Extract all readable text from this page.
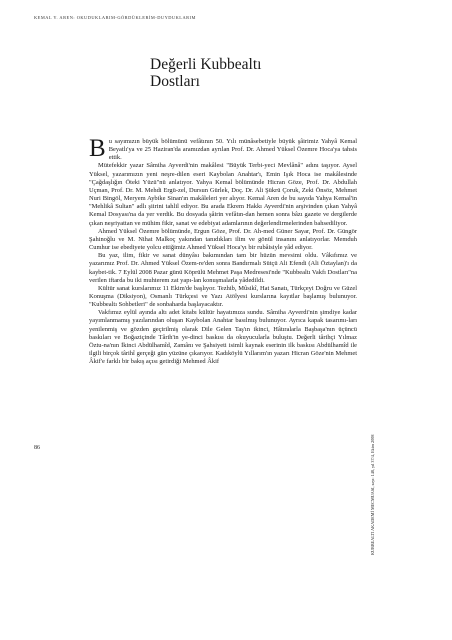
KEMAL Y. AREN: OKUDUKLARIM-GÖRDÜKLERİM-DUYDUKLARIM
Değerli Kubbealtı
Dostları

Bu sayımızın büyük bölümünü vefâtının 50. Yılı münâsebetiyle büyük şâirimiz Yahyâ Kemal Beyatlı'ya ve 25 Haziran'da aramızdan ayrılan Prof. Dr. Ahmed Yüksel Özemre Hoca'ya tahsis ettik.

Mütefekkir yazar Sâmiha Ayverdi'nin makâlesi "Büyük Terbi-yeci Mevlânâ" adını taşıyor. Aysel Yüksel, yazarımızın yeni neşre-dilen eseri Kaybolan Anahtar'ı, Emin Işık Hoca ise makâlesinde "Çağdaşlığın Öteki Yüzü"nü anlatıyor. Yahya Kemal bölümünde Hicran Göze, Prof. Dr. Abdullah Uçman, Prof. Dr. M. Mehdi Ergü-zel, Dursun Gürlek, Doç. Dr. Ali Şükrü Çoruk, Zeki Önsöz, Mehmet Nuri Bingöl, Meryem Aybike Sinan'ın makâleleri yer alıyor. Kemal Aren de bu sayıda Yahya Kemal'in "Mehlikâ Sultan" adlı şiirini tahlil ediyor. Bu arada Ekrem Hakkı Ayverdi'nin arşivinden çıkan Yahyâ Kemal Dosyası'na da yer verdik. Bu dosyada şâirin vefâtın-dan hemen sonra bâzı gazete ve dergilerde çıkan neşriyattan ve mühim fikir, sanat ve edebiyat adamlarının değerlendirmelerinden bahsediliyor.

Ahmed Yüksel Özemre bölümünde, Ergun Göze, Prof. Dr. Ah-med Güner Sayar, Prof. Dr. Güngör Şahinoğlu ve M. Nihat Malkoç yakından tanıdıkları ilim ve gönül insanını anlatıyorlar. Memduh Cumhur ise ebediyete yolcu ettiğimiz Ahmed Yüksel Hoca'yı bir rubâisiyle yâd ediyor.

Bu yaz, ilim, fikir ve sanat dünyâsı bakımından tam bir hüzün mevsimi oldu. Vâkıfımız ve yazarımız Prof. Dr. Ahmed Yüksel Özem-re'den sonra Bandırmalı Sütçü Ali Efendi (Ali Öztaylan)'ı da kaybet-tik. 7 Eylül 2008 Pazar günü Köprülü Mehmet Paşa Medresesi'nde "Kubbealtı Vakfı Dostları"na verilen iftarda bu iki muhterem zat yapı-lan konuşmalarla yâdedildi.

Kültür sanat kurslarımız 11 Ekim'de başlıyor. Tezhib, Mûsikî, Hat Sanatı, Türkçeyi Doğru ve Güzel Konuşma (Diksiyon), Osmanlı Türkçesi ve Yazı Atölyesi kurslarına kayıtlar başlamış bulunuyor. "Kubbealtı Sohbetleri" de sonbaharda başlayacaktır.

Vakfımız eylül ayında altı adet kitabı kültür hayatımıza sundu. Sâmiha Ayverdi'nin şimdiye kadar yayımlanmamış yazılarından oluşan Kaybolan Anahtar basılmış bulunuyor. Ayrıca kapak tasarımı-ları yenilenmiş ve gözden geçirilmiş olarak Dile Gelen Taş'ın ikinci, Hâtıralarla Başbaşa'nın üçüncü baskıları ve Boğaziçinde Târih'in ye-dinci baskısı da okuyucularla buluştu. Değerli târihçi Yılmaz Öztu-na'nın İkinci Abdülhamîd, Zamânı ve Şahsiyeti isimli kaynak eserinin ilk baskısı Abdülhamîd ile ilgili birçok târihî gerçeği gün yüzüne çıkarıyor. Kadıköylü Yıllarım'ın yazarı Hicran Göze'nin Mehmet Âkif'e farklı bir bakış açısı getirdiği Mehmed Âkif

86	KUBBEALTI AKADEMİ MECMUASI, sayı: 148, yıl 37/4, Ekim 2008
